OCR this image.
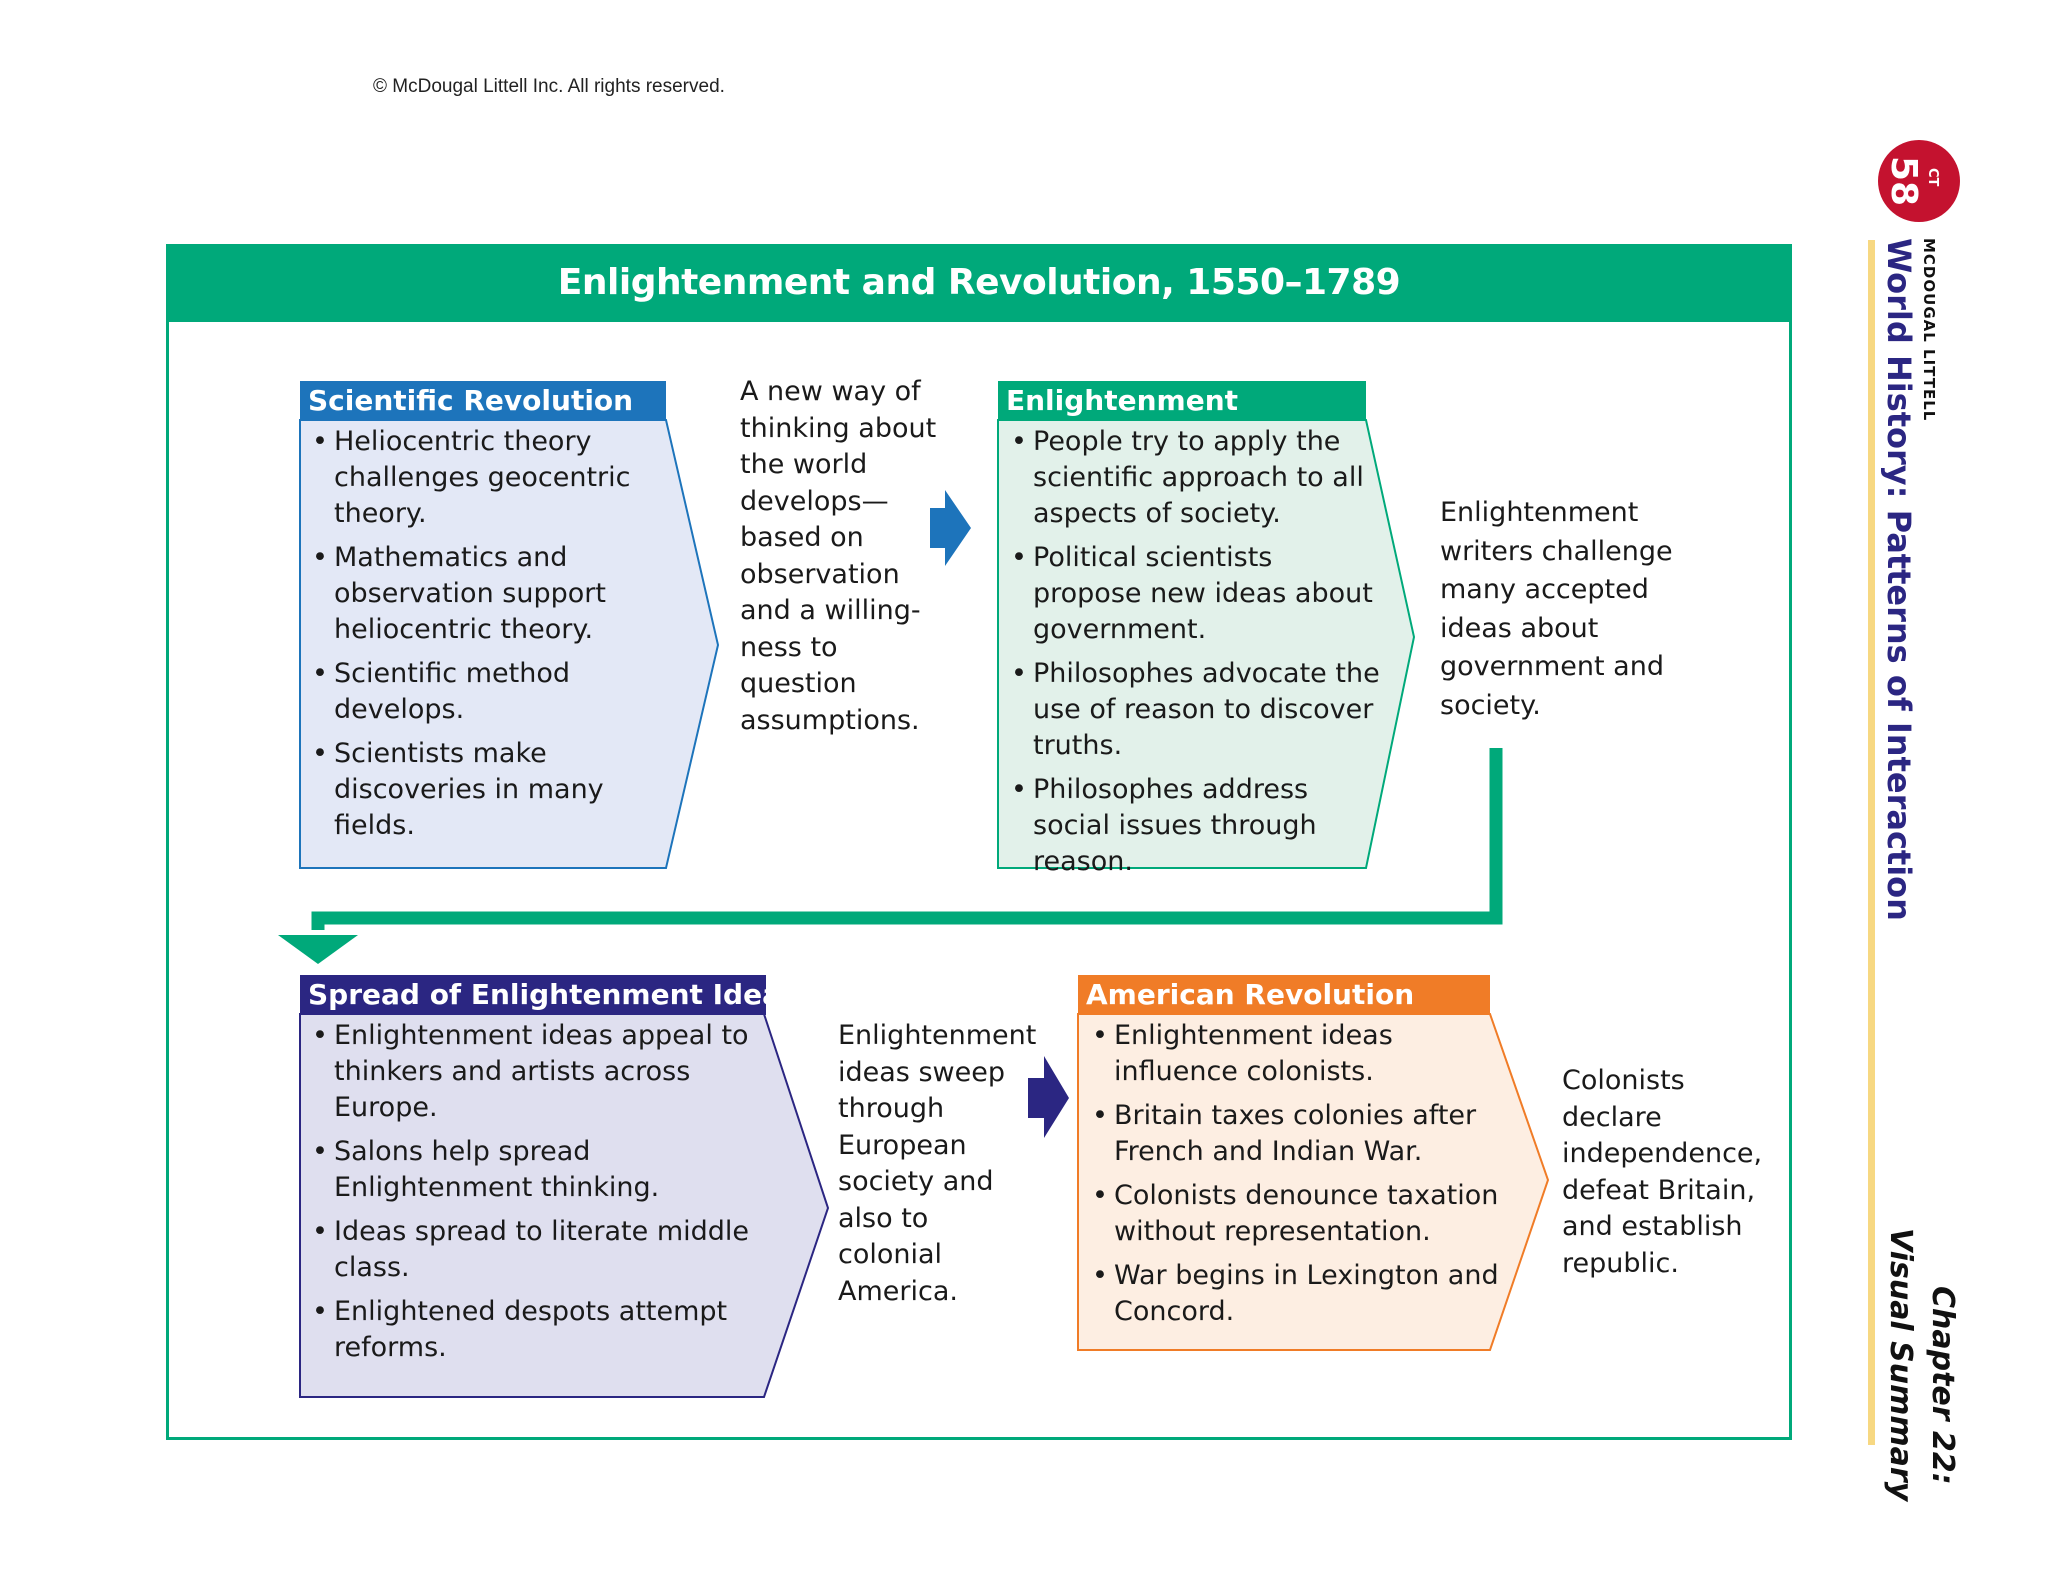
© McDougal Littell Inc. All rights reserved.
Enlightenment and Revolution, 1550–1789
Scientific Revolution	Enlightenment
Spread of Enlightenment Ideas	American Revolution
• Heliocentric theory challenges geocentric theory.
• Mathematics and observation support heliocentric theory.
• Scientific method develops.
• Scientists make discoveries in many fields.
• People try to apply the scientific approach to all aspects of society.
• Political scientists propose new ideas about government.
• Philosophes advocate the use of reason to discover truths.
• Philosophes address social issues through reason.
• Enlightenment ideas appeal to thinkers and artists across Europe.
• Salons help spread Enlightenment thinking.
• Ideas spread to literate middle class.
• Enlightened despots attempt reforms.
• Enlightenment ideas influence colonists.
• Britain taxes colonies after French and Indian War.
• Colonists denounce taxation without representation.
• War begins in Lexington and Concord.
A new way of
thinking about
the world
develops—
based on
observation
and a willing-
ness to
question
assumptions.
Enlightenment
writers challenge
many accepted
ideas about
government and
society.
Enlightenment
ideas sweep
through
European
society and
also to
colonial
America.
Colonists
declare
independence,
defeat Britain,
and establish
republic.
CT
58
MCDOUGAL LITTELL
World History: Patterns of Interaction
Chapter 22:
Visual Summary
